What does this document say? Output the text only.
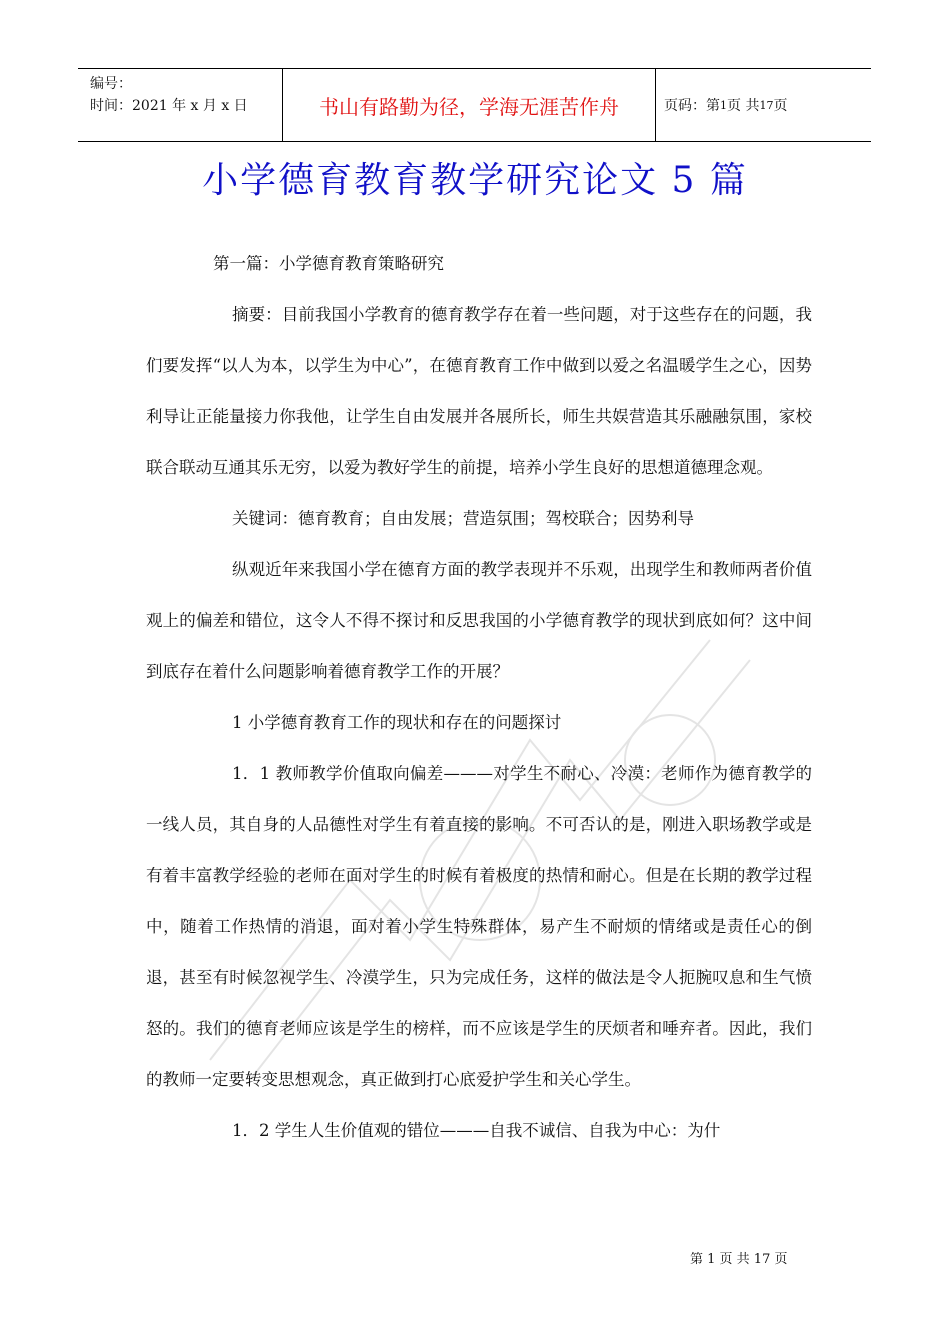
编号：
时间：2021 年 x 月 x 日	书山有路勤为径，学海无涯苦作舟	页码：第 1 页 共 17 页
小学德育教育教学研究论文 5 篇

第一篇：小学德育教育策略研究

摘要：目前我国小学教育的德育教学存在着一些问题，对于这些存在的问题，我们要发挥“以人为本，以学生为中心”，在德育教育工作中做到以爱之名温暖学生之心，因势利导让正能量接力你我他，让学生自由发展并各展所长，师生共娱营造其乐融融氛围，家校联合联动互通其乐无穷，以爱为教好学生的前提，培养小学生良好的思想道德理念观。

关键词：德育教育；自由发展；营造氛围；驾校联合；因势利导

纵观近年来我国小学在德育方面的教学表现并不乐观，出现学生和教师两者价值观上的偏差和错位，这令人不得不探讨和反思我国的小学德育教学的现状到底如何？这中间到底存在着什么问题影响着德育教学工作的开展？

1 小学德育教育工作的现状和存在的问题探讨

1．1 教师教学价值取向偏差———对学生不耐心、冷漠：老师作为德育教学的一线人员，其自身的人品德性对学生有着直接的影响。不可否认的是，刚进入职场教学或是有着丰富教学经验的老师在面对学生的时候有着极度的热情和耐心。但是在长期的教学过程中，随着工作热情的消退，面对着小学生特殊群体，易产生不耐烦的情绪或是责任心的倒退，甚至有时候忽视学生、冷漠学生，只为完成任务，这样的做法是令人扼腕叹息和生气愤怒的。我们的德育老师应该是学生的榜样，而不应该是学生的厌烦者和唾弃者。因此，我们的教师一定要转变思想观念，真正做到打心底爱护学生和关心学生。

1．2 学生人生价值观的错位———自我不诚信、自我为中心：为什

第 1 页 共 17 页
